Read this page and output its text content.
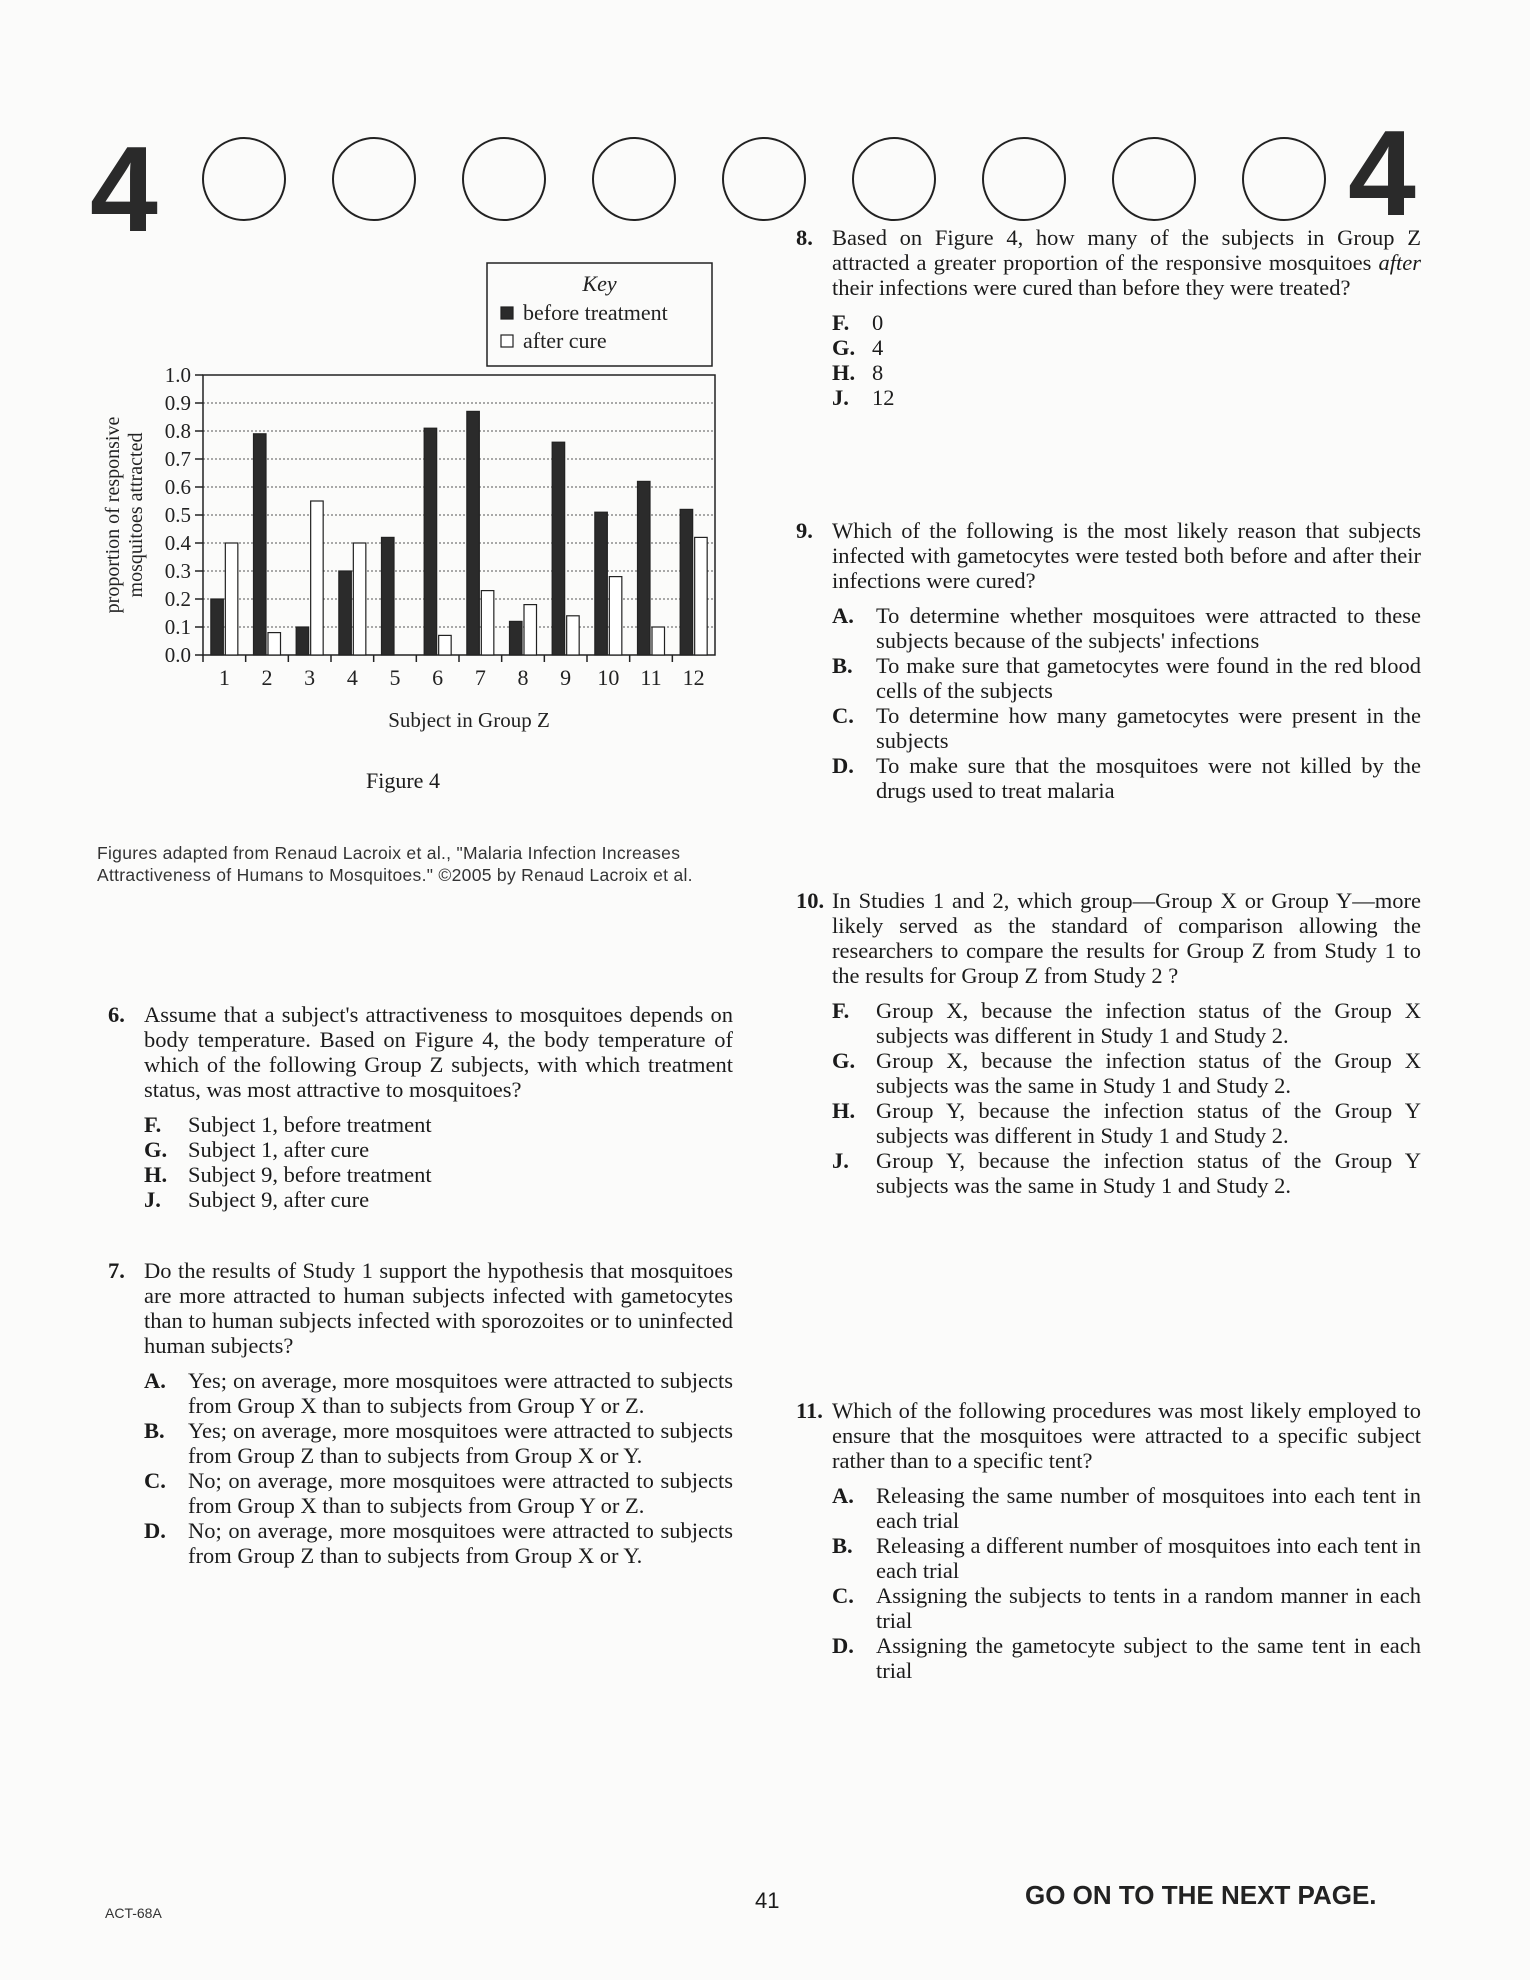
4	4
0.0
0.1
0.2
0.3
0.4
0.5
0.6
0.7
0.8
0.9
1.0
1 2 3 4 5 6 7 8 9 10 11 12
Subject in Group Z
proportion of responsivemosquitoes attracted
Key
before treatment
after cure
Figure 4
Figures adapted from Renaud Lacroix et al., "Malaria Infection Increases Attractiveness of Humans to Mosquitoes." ©2005 by Renaud Lacroix et al.
6. Assume that a subject's attractiveness to mosquitoes depends on body temperature. Based on Figure 4, the body temperature of which of the following Group Z subjects, with which treatment status, was most attractive to mosquitoes?
F. Subject 1, before treatment
G. Subject 1, after cure
H. Subject 9, before treatment
J. Subject 9, after cure
7. Do the results of Study 1 support the hypothesis that mosquitoes are more attracted to human subjects infected with gametocytes than to human subjects infected with sporozoites or to uninfected human subjects?
A. Yes; on average, more mosquitoes were attracted to subjects from Group X than to subjects from Group Y or Z.
B. Yes; on average, more mosquitoes were attracted to subjects from Group Z than to subjects from Group X or Y.
C. No; on average, more mosquitoes were attracted to subjects from Group X than to subjects from Group Y or Z.
D. No; on average, more mosquitoes were attracted to subjects from Group Z than to subjects from Group X or Y.
8. Based on Figure 4, how many of the subjects in Group Z attracted a greater proportion of the responsive mosquitoes after their infections were cured than before they were treated?
F. 0
G. 4
H. 8
J. 12
9. Which of the following is the most likely reason that subjects infected with gametocytes were tested both before and after their infections were cured?
A. To determine whether mosquitoes were attracted to these subjects because of the subjects' infections
B. To make sure that gametocytes were found in the red blood cells of the subjects
C. To determine how many gametocytes were present in the subjects
D. To make sure that the mosquitoes were not killed by the drugs used to treat malaria
10. In Studies 1 and 2, which group—Group X or Group Y—more likely served as the standard of comparison allowing the researchers to compare the results for Group Z from Study 1 to the results for Group Z from Study 2 ?
F. Group X, because the infection status of the Group X subjects was different in Study 1 and Study 2.
G. Group X, because the infection status of the Group X subjects was the same in Study 1 and Study 2.
H. Group Y, because the infection status of the Group Y subjects was different in Study 1 and Study 2.
J. Group Y, because the infection status of the Group Y subjects was the same in Study 1 and Study 2.
11. Which of the following procedures was most likely employed to ensure that the mosquitoes were attracted to a specific subject rather than to a specific tent?
A. Releasing the same number of mosquitoes into each tent in each trial
B. Releasing a different number of mosquitoes into each tent in each trial
C. Assigning the subjects to tents in a random manner in each trial
D. Assigning the gametocyte subject to the same tent in each trial
ACT-68A	41	GO ON TO THE NEXT PAGE.
